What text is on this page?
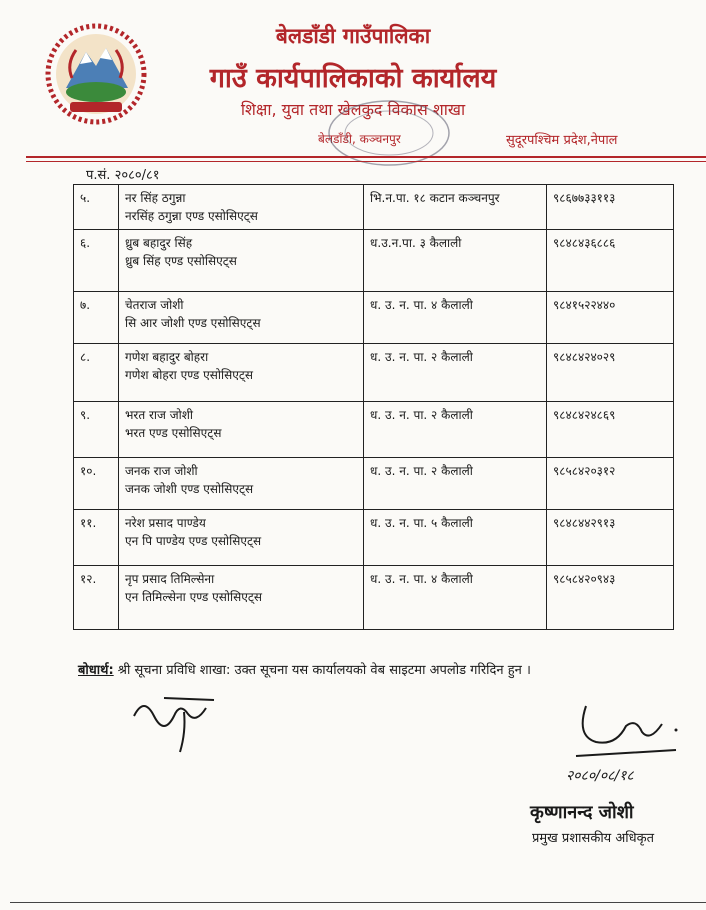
बेलडाँडी गाउँपालिका
गाउँ कार्यपालिकाको कार्यालय
शिक्षा, युवा तथा खेलकुद विकास शाखा
बेलडाँडी, कञ्चनपुर	सुदूरपश्चिम प्रदेश,नेपाल
प.सं. २०८०/८१
५.	नर सिंह ठगुन्ना
नरसिंह ठगुन्ना एण्ड एसोसिएट्स	भि.न.पा. १८ कटान कञ्चनपुर	९८६७७३३११३
६.	ध्रुब बहादुर सिंह
ध्रुब सिंह एण्ड एसोसिएट्स	ध.उ.न.पा. ३ कैलाली	९८४८४३६८८६
७.	चेतराज जोशी
सि आर जोशी एण्ड एसोसिएट्स	ध. उ. न. पा. ४ कैलाली	९८४१५२२४४०
८.	गणेश बहादुर बोहरा
गणेश बोहरा एण्ड एसोसिएट्स	ध. उ. न. पा. २ कैलाली	९८४८४२४०२९
९.	भरत राज जोशी
भरत एण्ड एसोसिएट्स	ध. उ. न. पा. २ कैलाली	९८४८४२४८६९
१०.	जनक राज जोशी
जनक जोशी एण्ड एसोसिएट्स	ध. उ. न. पा. २ कैलाली	९८५८४२०३१२
११.	नरेश प्रसाद पाण्डेय
एन पि पाण्डेय एण्ड एसोसिएट्स	ध. उ. न. पा. ५ कैलाली	९८४८४४२९१३
१२.	नृप प्रसाद तिमिल्सेना
एन तिमिल्सेना एण्ड एसोसिएट्स	ध. उ. न. पा. ४ कैलाली	९८५८४२०९४३
बोधार्थ: श्री सूचना प्रविधि शाखा: उक्त सूचना यस कार्यालयको वेब साइटमा अपलोड गरिदिन हुन ।
२०८०/०८/१८
कृष्णानन्द जोशी
प्रमुख प्रशासकीय अधिकृत
